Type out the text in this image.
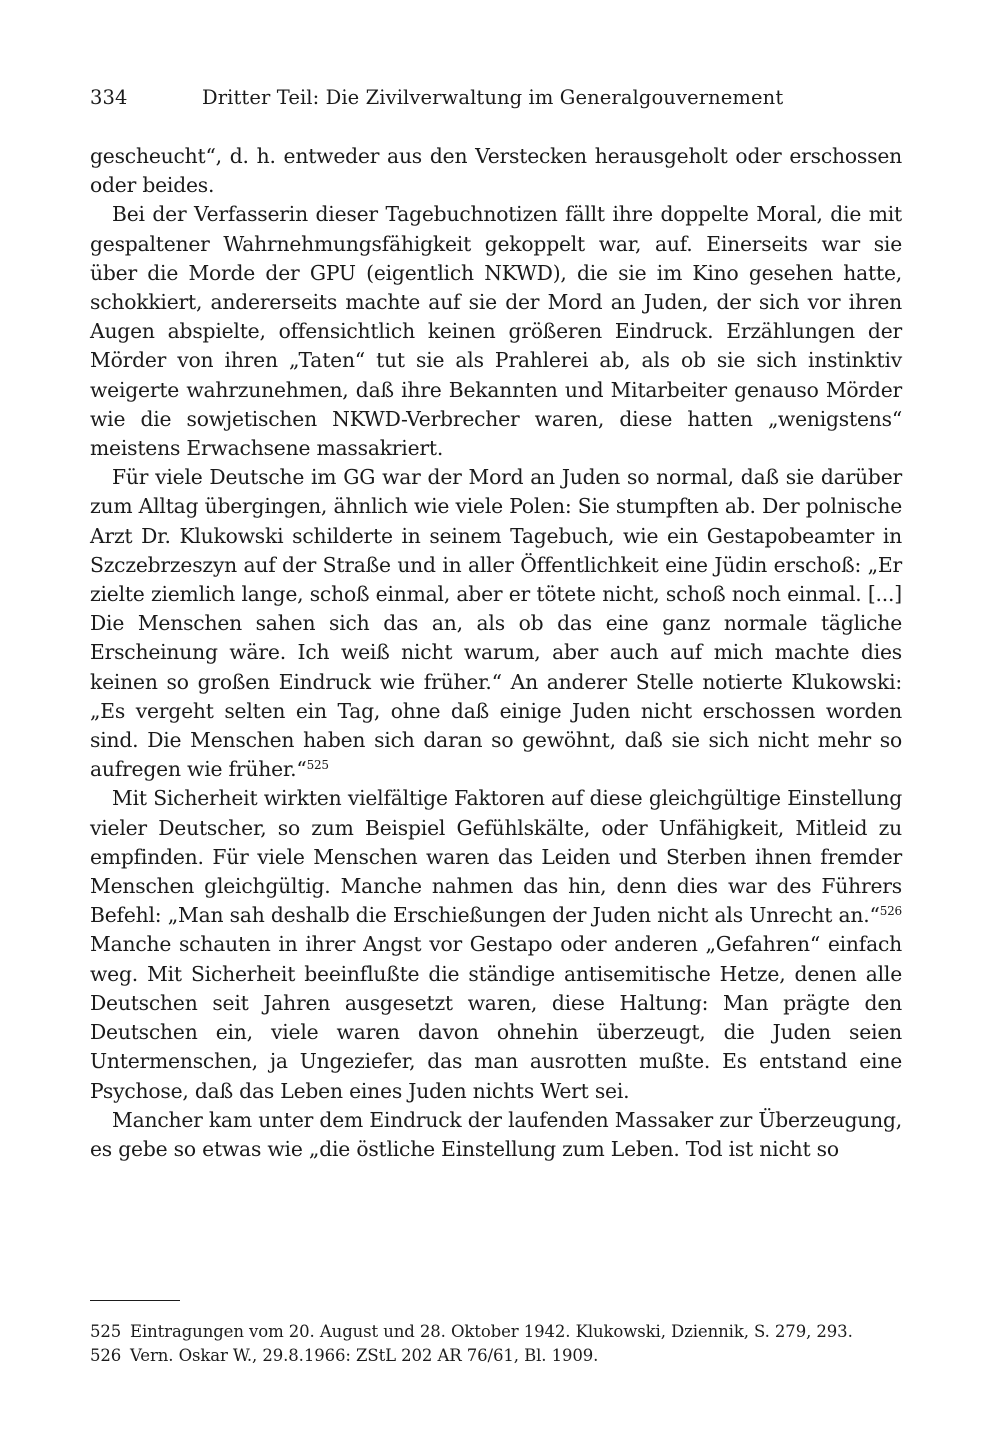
334	Dritter Teil: Die Zivilverwaltung im Generalgouvernement

gescheucht“, d. h. entweder aus den Verstecken herausgeholt oder erschossen oder beides.

Bei der Verfasserin dieser Tagebuchnotizen fällt ihre doppelte Moral, die mit gespaltener Wahrnehmungsfähigkeit gekoppelt war, auf. Einerseits war sie über die Morde der GPU (eigentlich NKWD), die sie im Kino gesehen hatte, schokkiert, andererseits machte auf sie der Mord an Juden, der sich vor ihren Augen abspielte, offensichtlich keinen größeren Eindruck. Erzählungen der Mörder von ihren „Taten“ tut sie als Prahlerei ab, als ob sie sich instinktiv weigerte wahrzunehmen, daß ihre Bekannten und Mitarbeiter genauso Mörder wie die sowjetischen NKWD-Verbrecher waren, diese hatten „wenigstens“ meistens Erwachsene massakriert.

Für viele Deutsche im GG war der Mord an Juden so normal, daß sie darüber zum Alltag übergingen, ähnlich wie viele Polen: Sie stumpften ab. Der polnische Arzt Dr. Klukowski schilderte in seinem Tagebuch, wie ein Gestapobeamter in Szczebrzeszyn auf der Straße und in aller Öffentlichkeit eine Jüdin erschoß: „Er zielte ziemlich lange, schoß einmal, aber er tötete nicht, schoß noch einmal. [...] Die Menschen sahen sich das an, als ob das eine ganz normale tägliche Erscheinung wäre. Ich weiß nicht warum, aber auch auf mich machte dies keinen so großen Eindruck wie früher.“ An anderer Stelle notierte Klukowski: „Es vergeht selten ein Tag, ohne daß einige Juden nicht erschossen worden sind. Die Menschen haben sich daran so gewöhnt, daß sie sich nicht mehr so aufregen wie früher.“$^{525}$

Mit Sicherheit wirkten vielfältige Faktoren auf diese gleichgültige Einstellung vieler Deutscher, so zum Beispiel Gefühlskälte, oder Unfähigkeit, Mitleid zu empfinden. Für viele Menschen waren das Leiden und Sterben ihnen fremder Menschen gleichgültig. Manche nahmen das hin, denn dies war des Führers Befehl: „Man sah deshalb die Erschießungen der Juden nicht als Unrecht an.“$^{526}$ Manche schauten in ihrer Angst vor Gestapo oder anderen „Gefahren“ einfach weg. Mit Sicherheit beeinflußte die ständige antisemitische Hetze, denen alle Deutschen seit Jahren ausgesetzt waren, diese Haltung: Man prägte den Deutschen ein, viele waren davon ohnehin überzeugt, die Juden seien Untermenschen, ja Ungeziefer, das man ausrotten mußte. Es entstand eine Psychose, daß das Leben eines Juden nichts Wert sei.

Mancher kam unter dem Eindruck der laufenden Massaker zur Überzeugung, es gebe so etwas wie „die östliche Einstellung zum Leben. Tod ist nicht so

525 Eintragungen vom 20. August und 28. Oktober 1942. Klukowski, Dziennik, S. 279, 293.
526 Vern. Oskar W., 29.8.1966: ZStL 202 AR 76/61, Bl. 1909.
